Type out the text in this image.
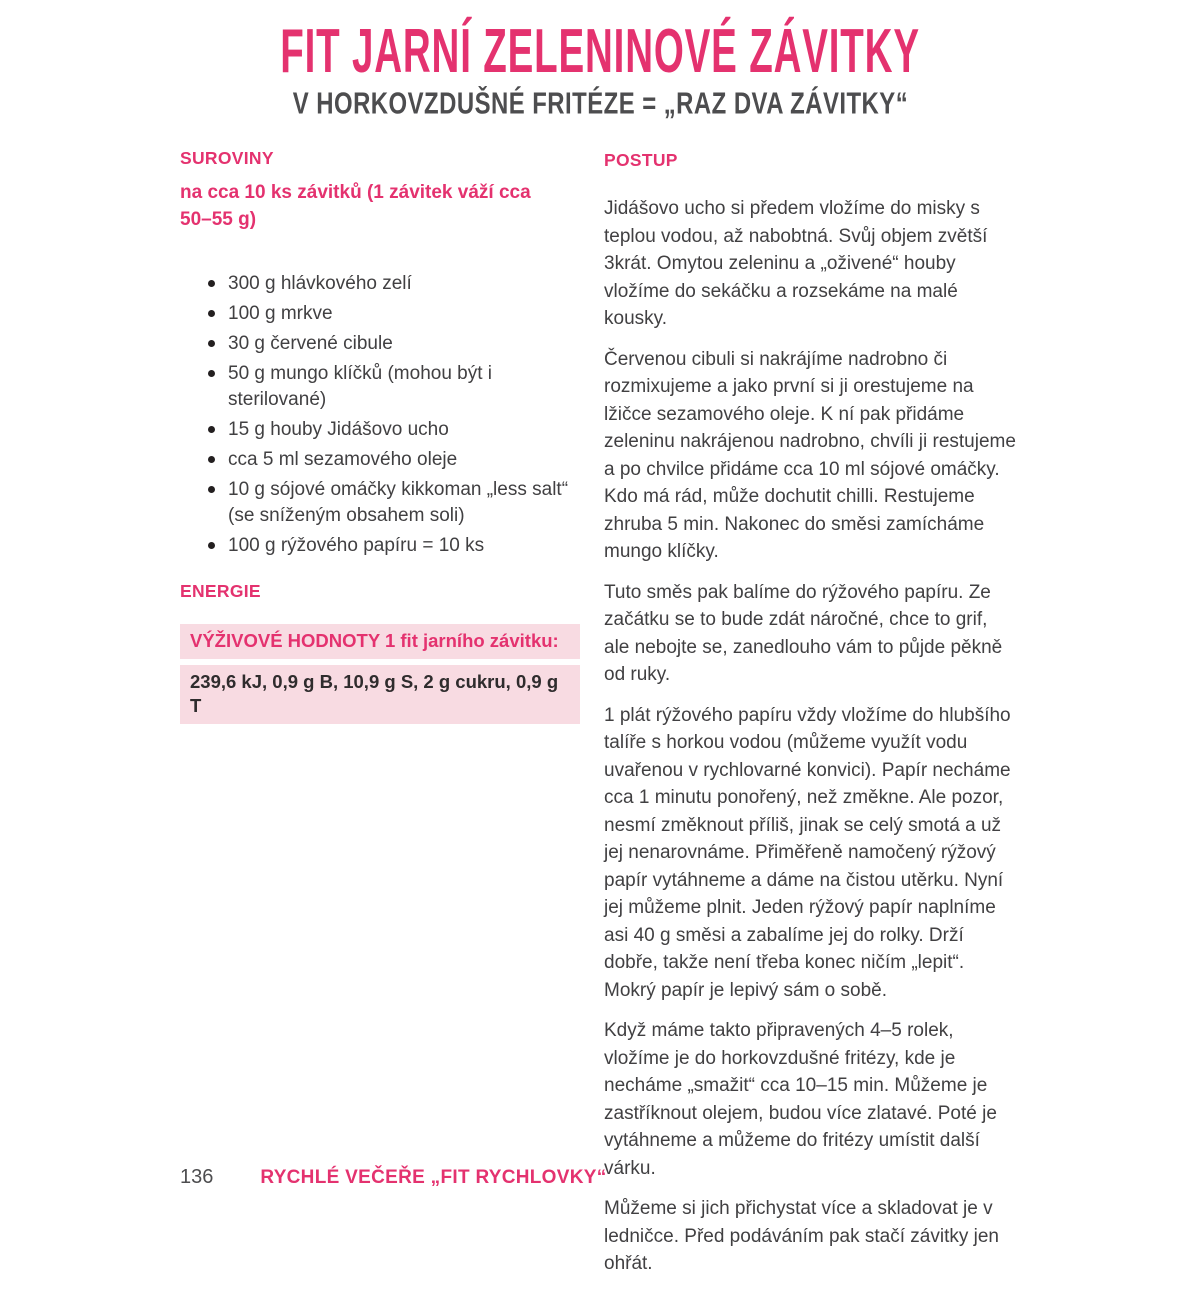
FIT JARNÍ ZELENINOVÉ ZÁVITKY
V HORKOVZDUŠNÉ FRITÉZE = „RAZ DVA ZÁVITKY“
SUROVINY
na cca 10 ks závitků (1 závitek váží cca 50–55 g)
300 g hlávkového zelí
100 g mrkve
30 g červené cibule
50 g mungo klíčků (mohou být i sterilované)
15 g houby Jidášovo ucho
cca 5 ml sezamového oleje
10 g sójové omáčky kikkoman „less salt“ (se sníženým obsahem soli)
100 g rýžového papíru = 10 ks
ENERGIE
VÝŽIVOVÉ HODNOTY 1 fit jarního závitku:
239,6 kJ, 0,9 g B, 10,9 g S, 2 g cukru, 0,9 g T
POSTUP

Jidášovo ucho si předem vložíme do misky s teplou vodou, až nabobtná. Svůj objem zvětší 3krát. Omytou zeleninu a „oživené“ houby vložíme do sekáčku a rozsekáme na malé kousky.

Červenou cibuli si nakrájíme nadrobno či rozmixujeme a jako první si ji orestujeme na lžičce sezamového oleje. K ní pak přidáme zeleninu nakrájenou nadrobno, chvíli ji restujeme a po chvilce přidáme cca 10 ml sójové omáčky. Kdo má rád, může dochutit chilli. Restujeme zhruba 5 min. Nakonec do směsi zamícháme mungo klíčky.

Tuto směs pak balíme do rýžového papíru. Ze začátku se to bude zdát náročné, chce to grif, ale nebojte se, zanedlouho vám to půjde pěkně od ruky.

1 plát rýžového papíru vždy vložíme do hlubšího talíře s horkou vodou (můžeme využít vodu uvařenou v rychlovarné konvici). Papír necháme cca 1 minutu ponořený, než změkne. Ale pozor, nesmí změknout příliš, jinak se celý smotá a už jej nenarovnáme. Přiměřeně namočený rýžový papír vytáhneme a dáme na čistou utěrku. Nyní jej můžeme plnit. Jeden rýžový papír naplníme asi 40 g směsi a zabalíme jej do rolky. Drží dobře, takže není třeba konec ničím „lepit“. Mokrý papír je lepivý sám o sobě.

Když máme takto připravených 4–5 rolek, vložíme je do horkovzdušné fritézy, kde je necháme „smažit“ cca 10–15 min. Můžeme je zastříknout olejem, budou více zlatavé. Poté je vytáhneme a můžeme do fritézy umístit další várku.

Můžeme si jich přichystat více a skladovat je v ledničce. Před podáváním pak stačí závitky jen ohřát.

136 RYCHLÉ VEČEŘE „FIT RYCHLOVKY“
